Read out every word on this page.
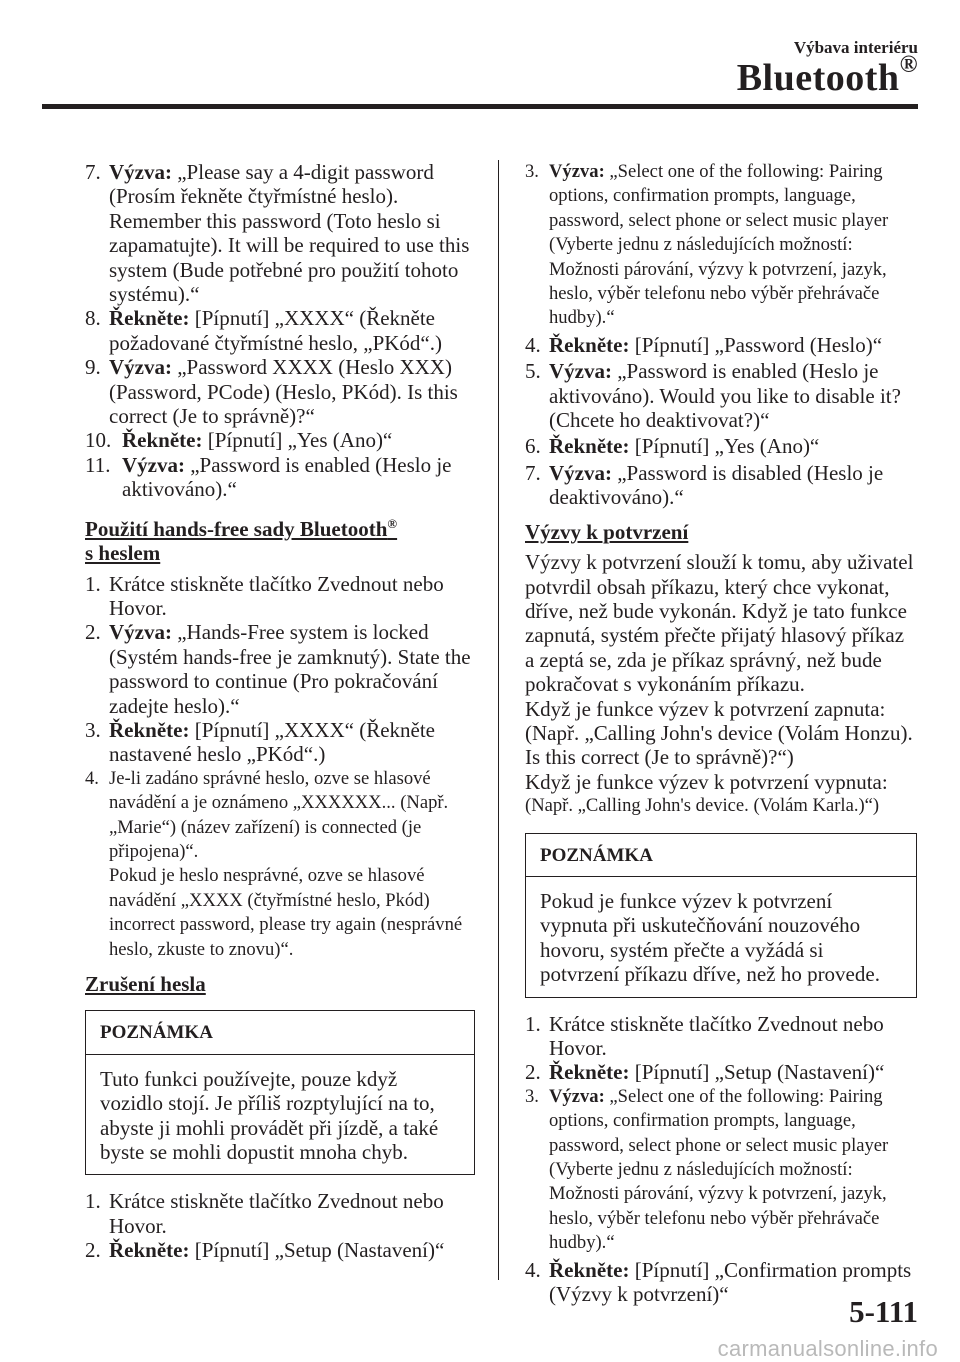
Výbava interiéru
Bluetooth®
7. Výzva: „Please say a 4-digit password (Prosím řekněte čtyřmístné heslo). Remember this password (Toto heslo si zapamatujte). It will be required to use this system (Bude potřebné pro použití tohoto systému).“
8. Řekněte: [Pípnutí] „XXXX“ (Řekněte požadované čtyřmístné heslo, „PKód“.)
9. Výzva: „Password XXXX (Heslo XXX) (Password, PCode) (Heslo, PKód). Is this correct (Je to správně)?“
10. Řekněte: [Pípnutí] „Yes (Ano)“
11. Výzva: „Password is enabled (Heslo je aktivováno).“
Použití hands-free sady Bluetooth®
s heslem
1. Krátce stiskněte tlačítko Zvednout nebo Hovor.
2. Výzva: „Hands-Free system is locked (Systém hands-free je zamknutý). State the password to continue (Pro pokračování zadejte heslo).“
3. Řekněte: [Pípnutí] „XXXX“ (Řekněte nastavené heslo „PKód“.)
4. Je-li zadáno správné heslo, ozve se hlasové navádění a je oznámeno „XXXXXX... (Např. „Marie“) (název zařízení) is connected (je připojena)“.
Pokud je heslo nesprávné, ozve se hlasové navádění „XXXX (čtyřmístné heslo, Pkód) incorrect password, please try again (nesprávné heslo, zkuste to znovu)“.
Zrušení hesla
POZNÁMKA
Tuto funkci používejte, pouze když vozidlo stojí. Je příliš rozptylující na to, abyste ji mohli provádět při jízdě, a také byste se mohli dopustit mnoha chyb.
1. Krátce stiskněte tlačítko Zvednout nebo Hovor.
2. Řekněte: [Pípnutí] „Setup (Nastavení)“
3. Výzva: „Select one of the following: Pairing options, confirmation prompts, language, password, select phone or select music player (Vyberte jednu z následujících možností: Možnosti párování, výzvy k potvrzení, jazyk, heslo, výběr telefonu nebo výběr přehrávače hudby).“
4. Řekněte: [Pípnutí] „Password (Heslo)“
5. Výzva: „Password is enabled (Heslo je aktivováno). Would you like to disable it? (Chcete ho deaktivovat?)“
6. Řekněte: [Pípnutí] „Yes (Ano)“
7. Výzva: „Password is disabled (Heslo je deaktivováno).“
Výzvy k potvrzení

Výzvy k potvrzení slouží k tomu, aby uživatel potvrdil obsah příkazu, který chce vykonat, dříve, než bude vykonán. Když je tato funkce zapnutá, systém přečte přijatý hlasový příkaz a zeptá se, zda je příkaz správný, než bude pokračovat s vykonáním příkazu.

Když je funkce výzev k potvrzení zapnuta: (Např. „Calling John's device (Volám Honzu). Is this correct (Je to správně)?“)

Když je funkce výzev k potvrzení vypnuta:

(Např. „Calling John's device. (Volám Karla.)“)

POZNÁMKA
Pokud je funkce výzev k potvrzení vypnuta při uskutečňování nouzového hovoru, systém přečte a vyžádá si potvrzení příkazu dříve, než ho provede.
1. Krátce stiskněte tlačítko Zvednout nebo Hovor.
2. Řekněte: [Pípnutí] „Setup (Nastavení)“
3. Výzva: „Select one of the following: Pairing options, confirmation prompts, language, password, select phone or select music player (Vyberte jednu z následujících možností: Možnosti párování, výzvy k potvrzení, jazyk, heslo, výběr telefonu nebo výběr přehrávače hudby).“
4. Řekněte: [Pípnutí] „Confirmation prompts (Výzvy k potvrzení)“	5-111
carmanualsonline.info
